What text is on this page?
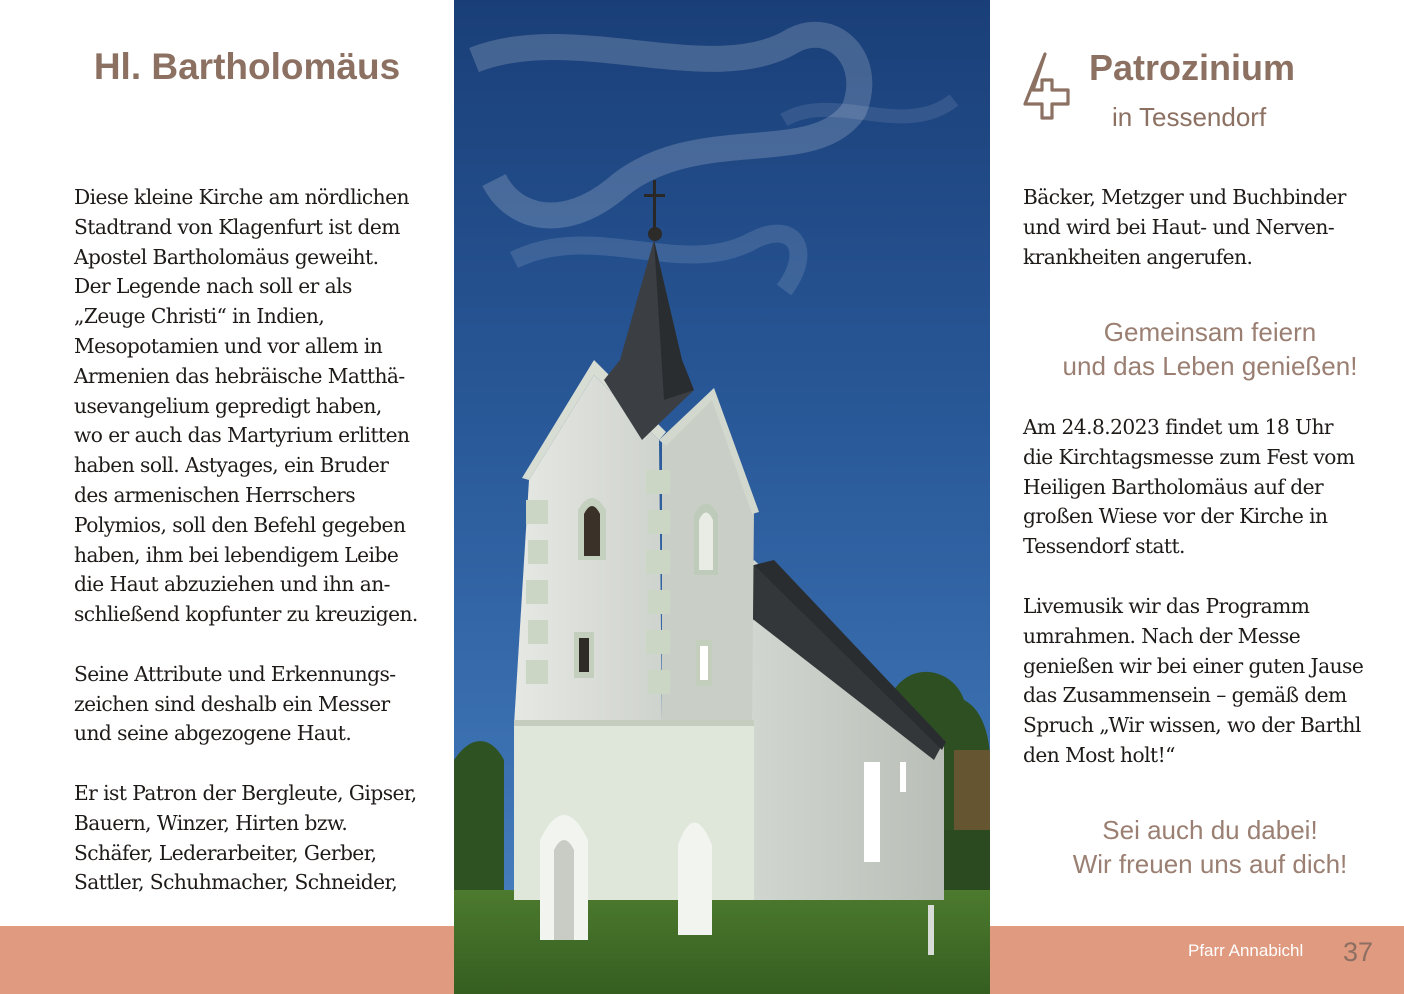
Hl. Bartholomäus
Diese kleine Kirche am nördlichen
Stadtrand von Klagenfurt ist dem
Apostel Bartholomäus geweiht.
Der Legende nach soll er als
„Zeuge Christi“ in Indien,
Mesopotamien und vor allem in
Armenien das hebräische Matthä-
usevangelium gepredigt haben,
wo er auch das Martyrium erlitten
haben soll. Astyages, ein Bruder
des armenischen Herrschers
Polymios, soll den Befehl gegeben
haben, ihm bei lebendigem Leibe
die Haut abzuziehen und ihn an-
schließend kopfunter zu kreuzigen.
Seine Attribute und Erkennungs-
zeichen sind deshalb ein Messer
und seine abgezogene Haut.
Er ist Patron der Bergleute, Gipser,
Bauern, Winzer, Hirten bzw.
Schäfer, Lederarbeiter, Gerber,
Sattler, Schuhmacher, Schneider,
Patrozinium
in Tessendorf
Bäcker, Metzger und Buchbinder
und wird bei Haut- und Nerven-
krankheiten angerufen.
Gemeinsam feiern
und das Leben genießen!
Am 24.8.2023 findet um 18 Uhr
die Kirchtagsmesse zum Fest vom
Heiligen Bartholomäus auf der
großen Wiese vor der Kirche in
Tessendorf statt.
Livemusik wir das Programm
umrahmen. Nach der Messe
genießen wir bei einer guten Jause
das Zusammensein – gemäß dem
Spruch „Wir wissen, wo der Barthl
den Most holt!“
Sei auch du dabei!
Wir freuen uns auf dich!
Pfarr Annabichl 37
